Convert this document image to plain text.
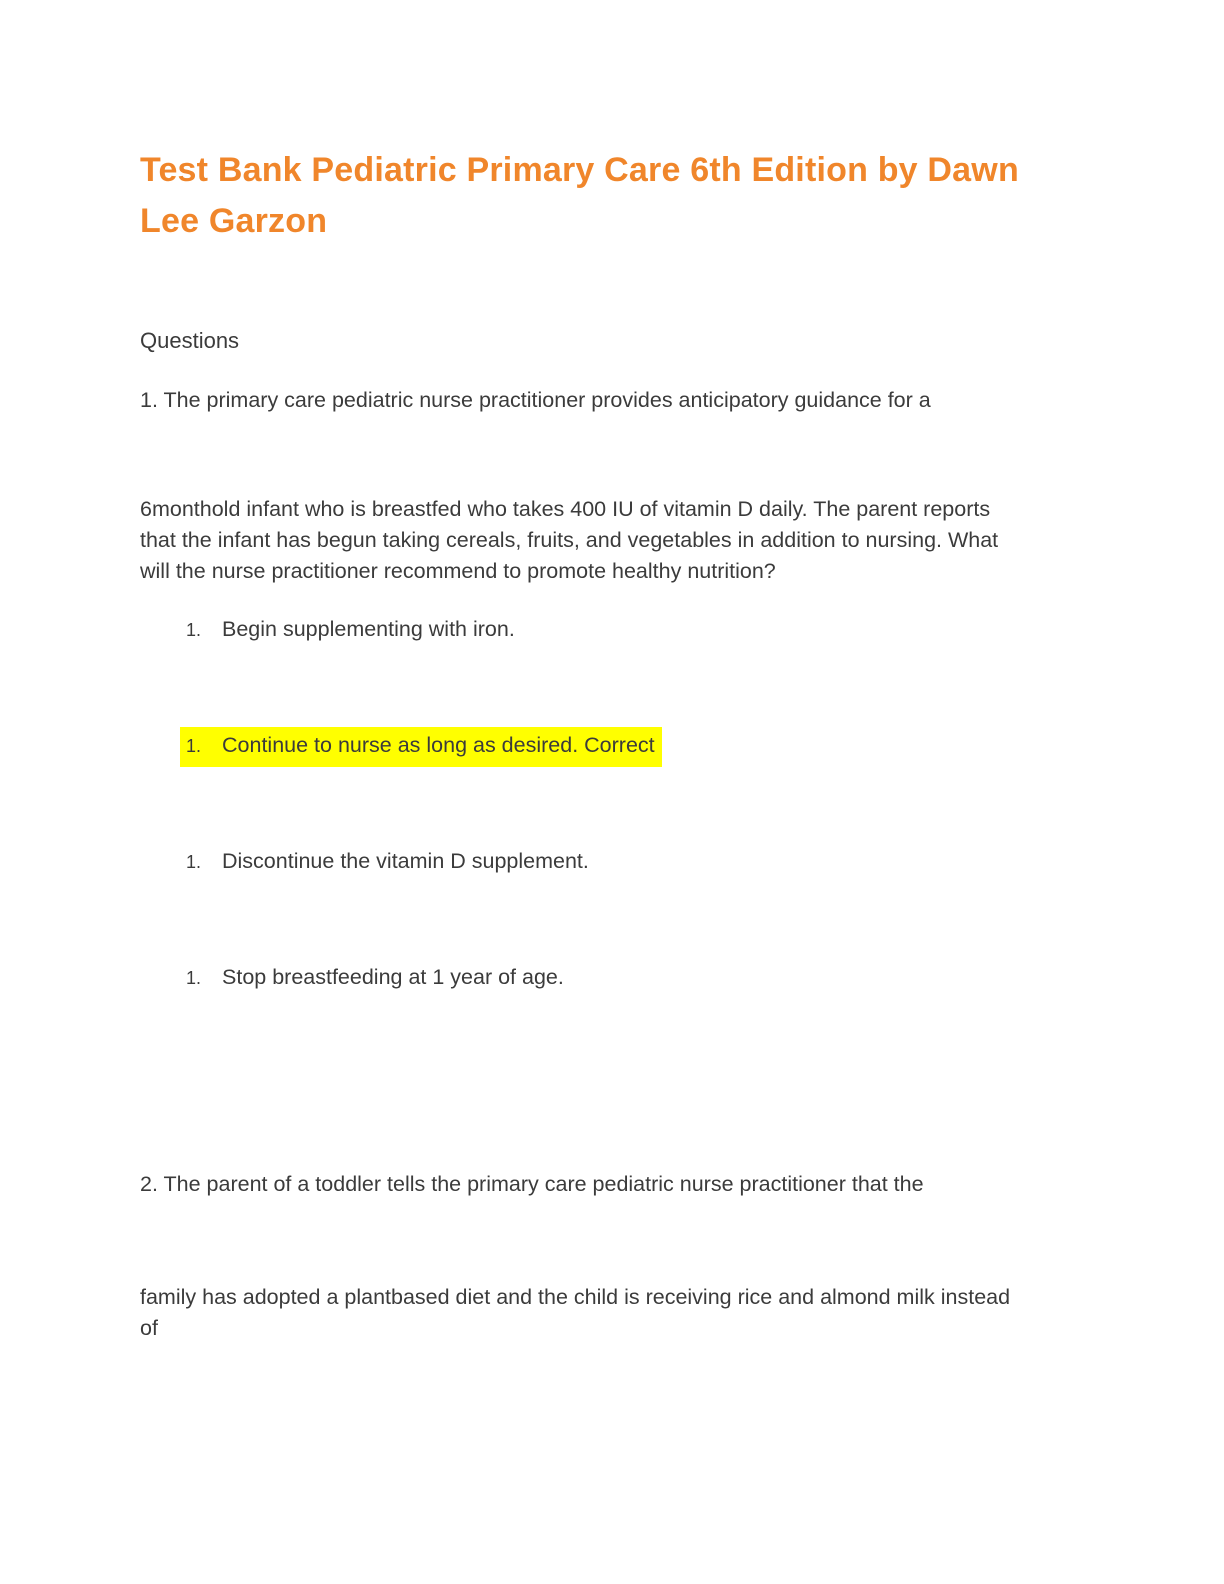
Test Bank Pediatric Primary Care 6th Edition by Dawn Lee Garzon

Questions

1. The primary care pediatric nurse practitioner provides anticipatory guidance for a

6monthold infant who is breastfed who takes 400 IU of vitamin D daily. The parent reports that the infant has begun taking cereals, fruits, and vegetables in addition to nursing. What will the nurse practitioner recommend to promote healthy nutrition?

1. Begin supplementing with iron.
1. Continue to nurse as long as desired. Correct
1. Discontinue the vitamin D supplement.
1. Stop breastfeeding at 1 year of age.

2. The parent of a toddler tells the primary care pediatric nurse practitioner that the

family has adopted a plantbased diet and the child is receiving rice and almond milk instead of
